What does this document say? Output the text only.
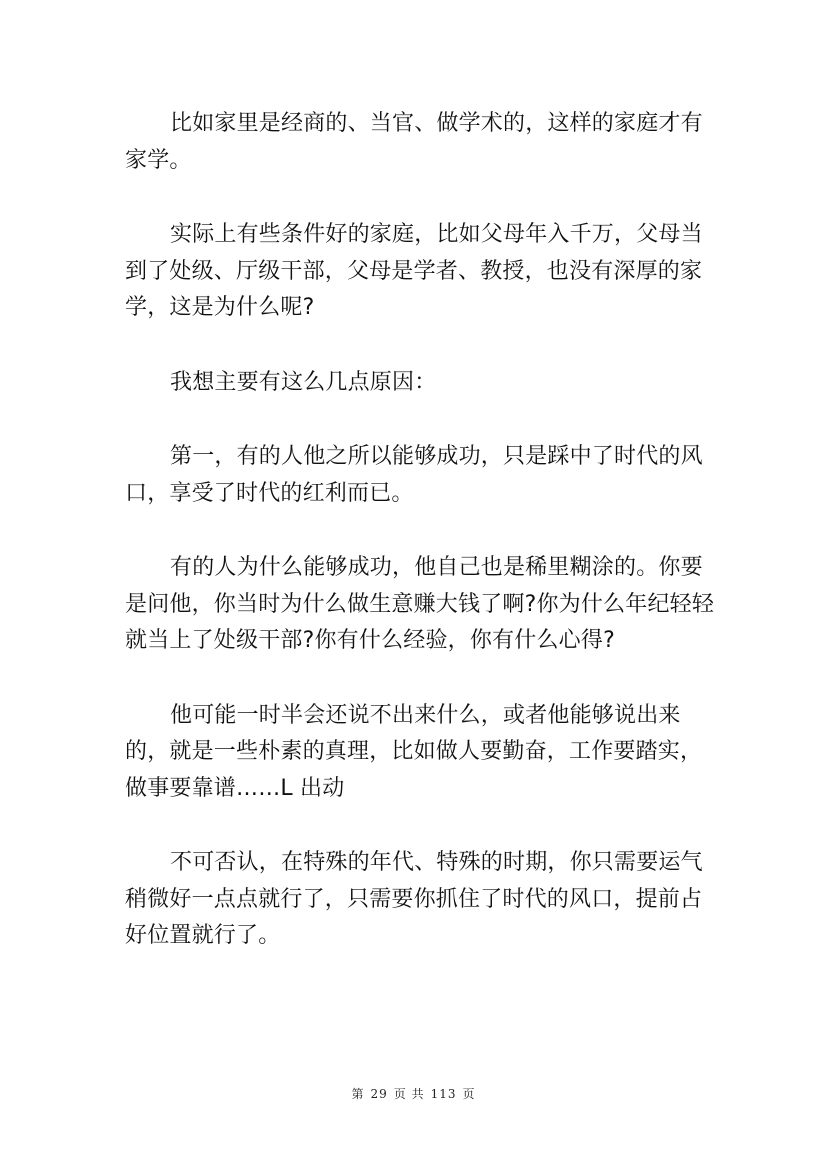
比如家里是经商的、当官、做学术的，这样的家庭才有家学。

实际上有些条件好的家庭，比如父母年入千万，父母当到了处级、厅级干部，父母是学者、教授，也没有深厚的家学，这是为什么呢?

我想主要有这么几点原因：

第一，有的人他之所以能够成功，只是踩中了时代的风口，享受了时代的红利而已。

有的人为什么能够成功，他自己也是稀里糊涂的。你要是问他，你当时为什么做生意赚大钱了啊?你为什么年纪轻轻就当上了处级干部?你有什么经验，你有什么心得?

他可能一时半会还说不出来什么，或者他能够说出来的，就是一些朴素的真理，比如做人要勤奋，工作要踏实，做事要靠谱……L 出动

不可否认，在特殊的年代、特殊的时期，你只需要运气稍微好一点点就行了，只需要你抓住了时代的风口，提前占好位置就行了。

第 29 页 共 113 页
